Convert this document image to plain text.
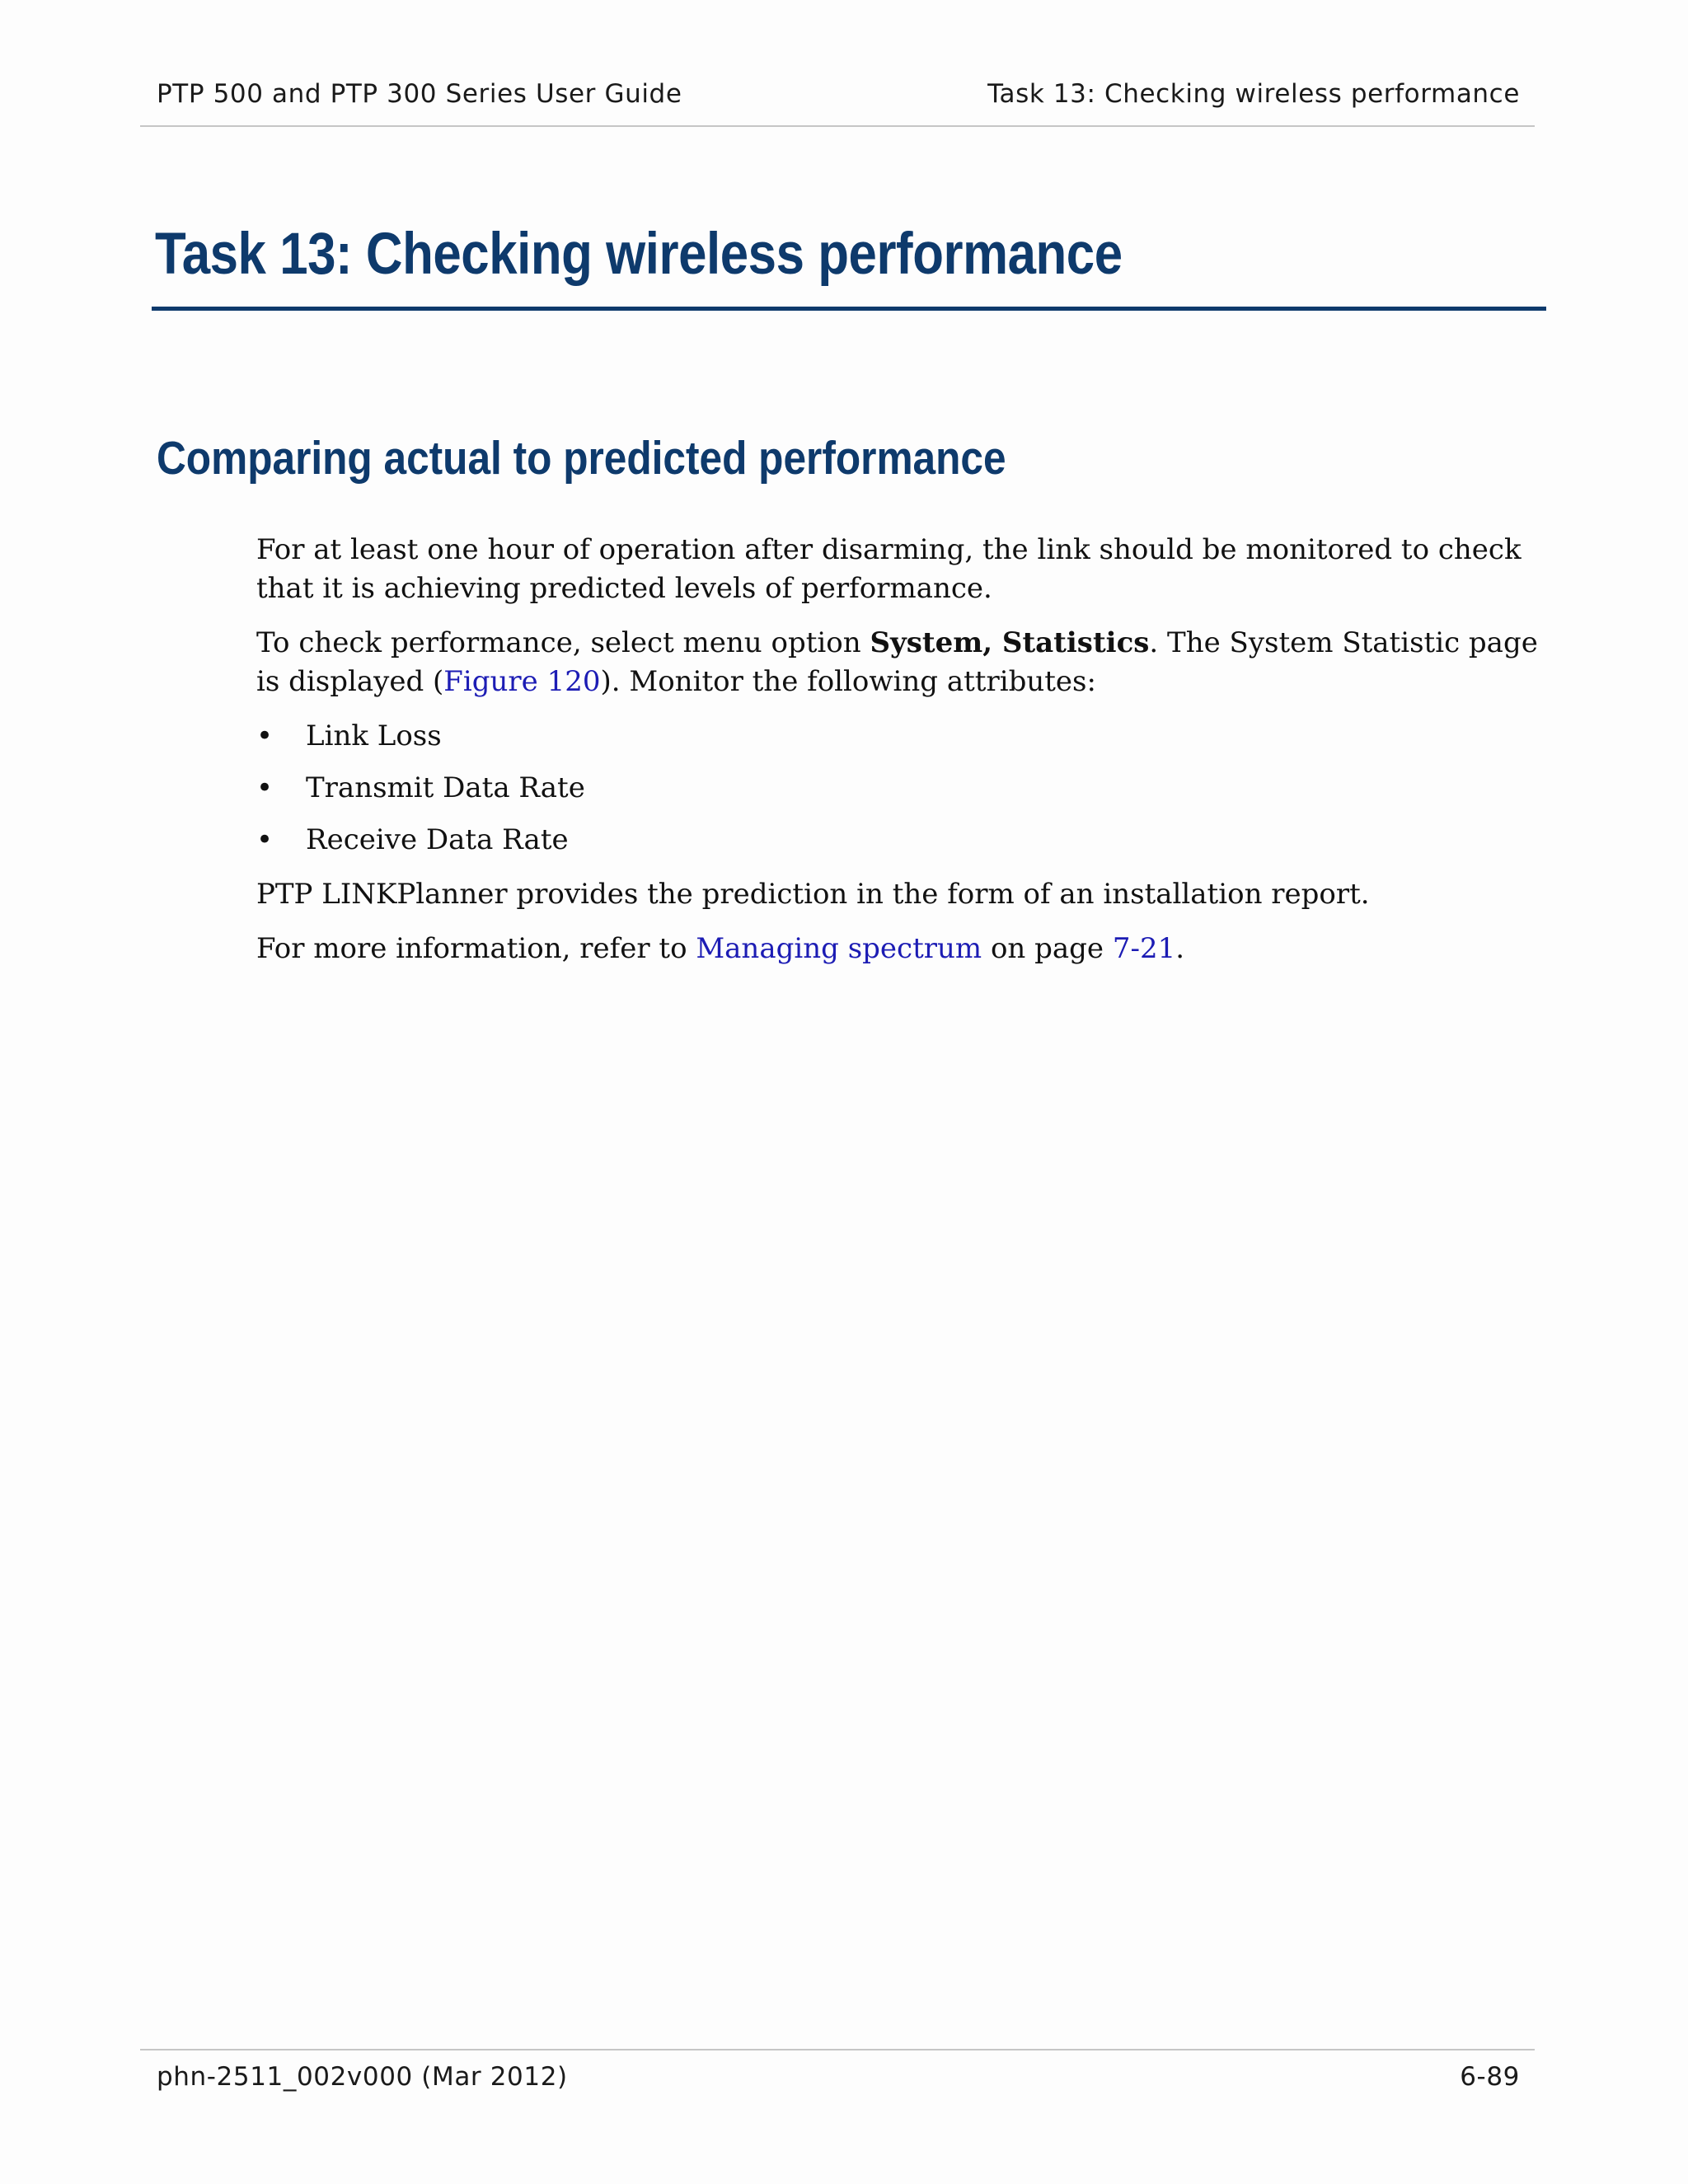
PTP 500 and PTP 300 Series User Guide	Task 13: Checking wireless performance
Task 13: Checking wireless performance
Comparing actual to predicted performance

For at least one hour of operation after disarming, the link should be monitored to check that it is achieving predicted levels of performance.

To check performance, select menu option System, Statistics. The System Statistic page is displayed (Figure 120). Monitor the following attributes:

• Link Loss
• Transmit Data Rate
• Receive Data Rate

PTP LINKPlanner provides the prediction in the form of an installation report.

For more information, refer to Managing spectrum on page 7-21.

phn-2511_002v000 (Mar 2012)	6-89
